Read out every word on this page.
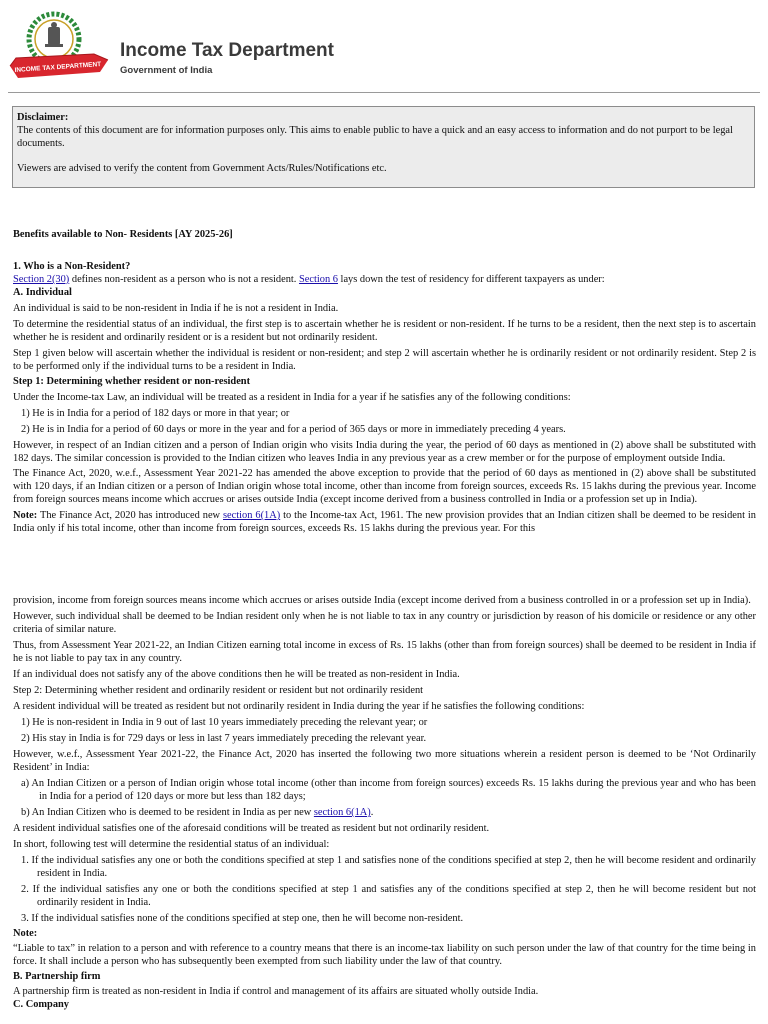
INCOME TAX DEPARTMENT
Income Tax Department
Government of India

Disclaimer:

The contents of this document are for information purposes only. This aims to enable public to have a quick and an easy access to information and do not purport to be legal documents.

Viewers are advised to verify the content from Government Acts/Rules/Notifications etc.

Benefits available to Non- Residents [AY 2025-26]

1. Who is a Non-Resident?

Section 2(30) defines non-resident as a person who is not a resident. Section 6 lays down the test of residency for different taxpayers as under:

A. Individual

An individual is said to be non-resident in India if he is not a resident in India.

To determine the residential status of an individual, the first step is to ascertain whether he is resident or non-resident. If he turns to be a resident, then the next step is to ascertain whether he is resident and ordinarily resident or is a resident but not ordinarily resident.

Step 1 given below will ascertain whether the individual is resident or non-resident; and step 2 will ascertain whether he is ordinarily resident or not ordinarily resident. Step 2 is to be performed only if the individual turns to be a resident in India.

Step 1: Determining whether resident or non-resident

Under the Income-tax Law, an individual will be treated as a resident in India for a year if he satisfies any of the following conditions:

1) He is in India for a period of 182 days or more in that year; or

2) He is in India for a period of 60 days or more in the year and for a period of 365 days or more in immediately preceding 4 years.

However, in respect of an Indian citizen and a person of Indian origin who visits India during the year, the period of 60 days as mentioned in (2) above shall be substituted with 182 days. The similar concession is provided to the Indian citizen who leaves India in any previous year as a crew member or for the purpose of employment outside India.

The Finance Act, 2020, w.e.f., Assessment Year 2021-22 has amended the above exception to provide that the period of 60 days as mentioned in (2) above shall be substituted with 120 days, if an Indian citizen or a person of Indian origin whose total income, other than income from foreign sources, exceeds Rs. 15 lakhs during the previous year. Income from foreign sources means income which accrues or arises outside India (except income derived from a business controlled in India or a profession set up in India).

Note: The Finance Act, 2020 has introduced new section 6(1A) to the Income-tax Act, 1961. The new provision provides that an Indian citizen shall be deemed to be resident in India only if his total income, other than income from foreign sources, exceeds Rs. 15 lakhs during the previous year. For this

provision, income from foreign sources means income which accrues or arises outside India (except income derived from a business controlled in or a profession set up in India).

However, such individual shall be deemed to be Indian resident only when he is not liable to tax in any country or jurisdiction by reason of his domicile or residence or any other criteria of similar nature.

Thus, from Assessment Year 2021-22, an Indian Citizen earning total income in excess of Rs. 15 lakhs (other than from foreign sources) shall be deemed to be resident in India if he is not liable to pay tax in any country.

If an individual does not satisfy any of the above conditions then he will be treated as non-resident in India.

Step 2: Determining whether resident and ordinarily resident or resident but not ordinarily resident

A resident individual will be treated as resident but not ordinarily resident in India during the year if he satisfies the following conditions:

1) He is non-resident in India in 9 out of last 10 years immediately preceding the relevant year; or

2) His stay in India is for 729 days or less in last 7 years immediately preceding the relevant year.

However, w.e.f., Assessment Year 2021-22, the Finance Act, 2020 has inserted the following two more situations wherein a resident person is deemed to be ‘Not Ordinarily Resident’ in India:

a) An Indian Citizen or a person of Indian origin whose total income (other than income from foreign sources) exceeds Rs. 15 lakhs during the previous year and who has been in India for a period of 120 days or more but less than 182 days;

b) An Indian Citizen who is deemed to be resident in India as per new section 6(1A).

A resident individual satisfies one of the aforesaid conditions will be treated as resident but not ordinarily resident.

In short, following test will determine the residential status of an individual:

1. If the individual satisfies any one or both the conditions specified at step 1 and satisfies none of the conditions specified at step 2, then he will become resident and ordinarily resident in India.

2. If the individual satisfies any one or both the conditions specified at step 1 and satisfies any of the conditions specified at step 2, then he will become resident but not ordinarily resident in India.

3. If the individual satisfies none of the conditions specified at step one, then he will become non-resident.

Note:

“Liable to tax” in relation to a person and with reference to a country means that there is an income-tax liability on such person under the law of that country for the time being in force. It shall include a person who has subsequently been exempted from such liability under the law of that country.

B. Partnership firm

A partnership firm is treated as non-resident in India if control and management of its affairs are situated wholly outside India.

C. Company
